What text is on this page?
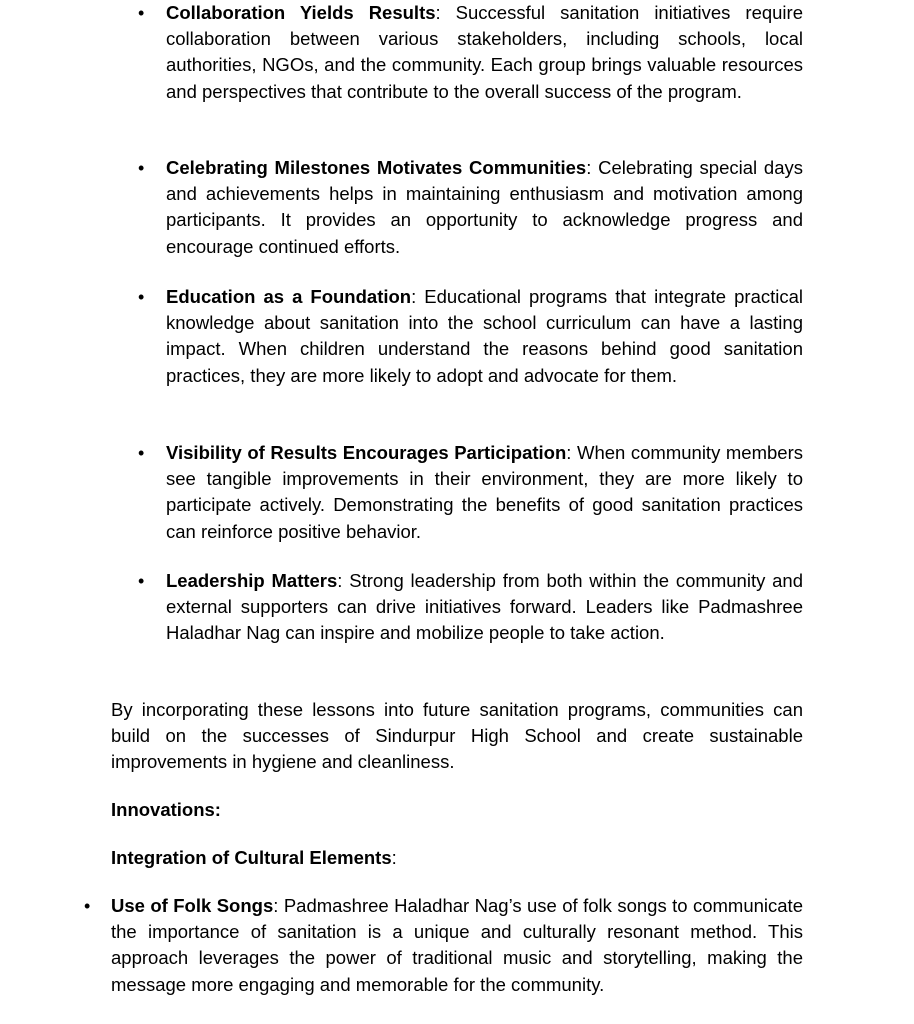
• Collaboration Yields Results: Successful sanitation initiatives require collaboration between various stakeholders, including schools, local authorities, NGOs, and the community. Each group brings valuable resources and perspectives that contribute to the overall success of the program.
• Celebrating Milestones Motivates Communities: Celebrating special days and achievements helps in maintaining enthusiasm and motivation among participants. It provides an opportunity to acknowledge progress and encourage continued efforts.
• Education as a Foundation: Educational programs that integrate practical knowledge about sanitation into the school curriculum can have a lasting impact. When children understand the reasons behind good sanitation practices, they are more likely to adopt and advocate for them.
• Visibility of Results Encourages Participation: When community members see tangible improvements in their environment, they are more likely to participate actively. Demonstrating the benefits of good sanitation practices can reinforce positive behavior.
• Leadership Matters: Strong leadership from both within the community and external supporters can drive initiatives forward. Leaders like Padmashree Haladhar Nag can inspire and mobilize people to take action.
By incorporating these lessons into future sanitation programs, communities can build on the successes of Sindurpur High School and create sustainable improvements in hygiene and cleanliness.
Innovations:
Integration of Cultural Elements:
• Use of Folk Songs: Padmashree Haladhar Nag’s use of folk songs to communicate the importance of sanitation is a unique and culturally resonant method. This approach leverages the power of traditional music and storytelling, making the message more engaging and memorable for the community.
